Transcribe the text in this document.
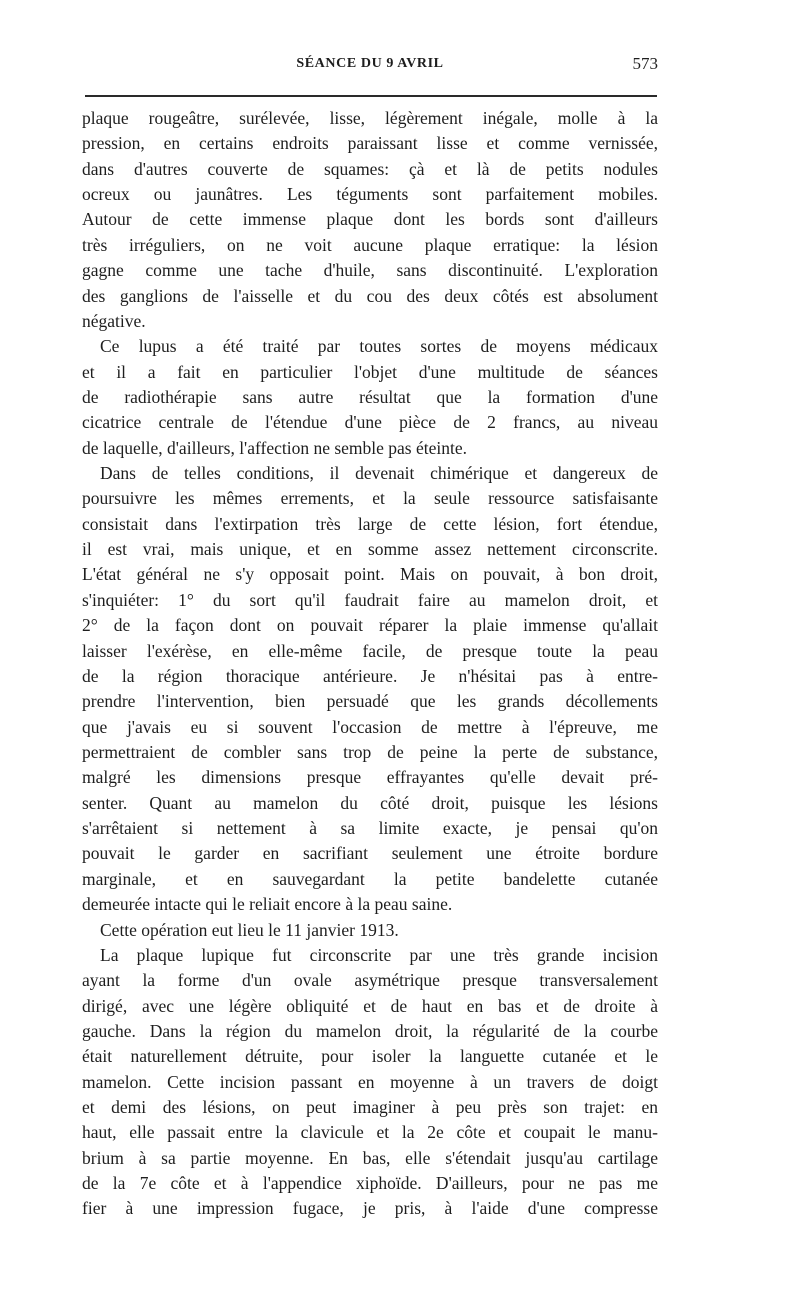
SÉANCE DU 9 AVRIL	573
plaque rougeâtre, surélevée, lisse, légèrement inégale, molle à la
pression, en certains endroits paraissant lisse et comme vernissée,
dans d'autres couverte de squames: çà et là de petits nodules
ocreux ou jaunâtres. Les téguments sont parfaitement mobiles.
Autour de cette immense plaque dont les bords sont d'ailleurs
très irréguliers, on ne voit aucune plaque erratique: la lésion
gagne comme une tache d'huile, sans discontinuité. L'exploration
des ganglions de l'aisselle et du cou des deux côtés est absolument
négative.
Ce lupus a été traité par toutes sortes de moyens médicaux
et il a fait en particulier l'objet d'une multitude de séances
de radiothérapie sans autre résultat que la formation d'une
cicatrice centrale de l'étendue d'une pièce de 2 francs, au niveau
de laquelle, d'ailleurs, l'affection ne semble pas éteinte.
Dans de telles conditions, il devenait chimérique et dangereux de
poursuivre les mêmes errements, et la seule ressource satisfaisante
consistait dans l'extirpation très large de cette lésion, fort étendue,
il est vrai, mais unique, et en somme assez nettement circonscrite.
L'état général ne s'y opposait point. Mais on pouvait, à bon droit,
s'inquiéter: 1° du sort qu'il faudrait faire au mamelon droit, et
2° de la façon dont on pouvait réparer la plaie immense qu'allait
laisser l'exérèse, en elle-même facile, de presque toute la peau
de la région thoracique antérieure. Je n'hésitai pas à entre-
prendre l'intervention, bien persuadé que les grands décollements
que j'avais eu si souvent l'occasion de mettre à l'épreuve, me
permettraient de combler sans trop de peine la perte de substance,
malgré les dimensions presque effrayantes qu'elle devait pré-
senter. Quant au mamelon du côté droit, puisque les lésions
s'arrêtaient si nettement à sa limite exacte, je pensai qu'on
pouvait le garder en sacrifiant seulement une étroite bordure
marginale, et en sauvegardant la petite bandelette cutanée
demeurée intacte qui le reliait encore à la peau saine.
Cette opération eut lieu le 11 janvier 1913.
La plaque lupique fut circonscrite par une très grande incision
ayant la forme d'un ovale asymétrique presque transversalement
dirigé, avec une légère obliquité et de haut en bas et de droite à
gauche. Dans la région du mamelon droit, la régularité de la courbe
était naturellement détruite, pour isoler la languette cutanée et le
mamelon. Cette incision passant en moyenne à un travers de doigt
et demi des lésions, on peut imaginer à peu près son trajet: en
haut, elle passait entre la clavicule et la 2e côte et coupait le manu-
brium à sa partie moyenne. En bas, elle s'étendait jusqu'au cartilage
de la 7e côte et à l'appendice xiphoïde. D'ailleurs, pour ne pas me
fier à une impression fugace, je pris, à l'aide d'une compresse
